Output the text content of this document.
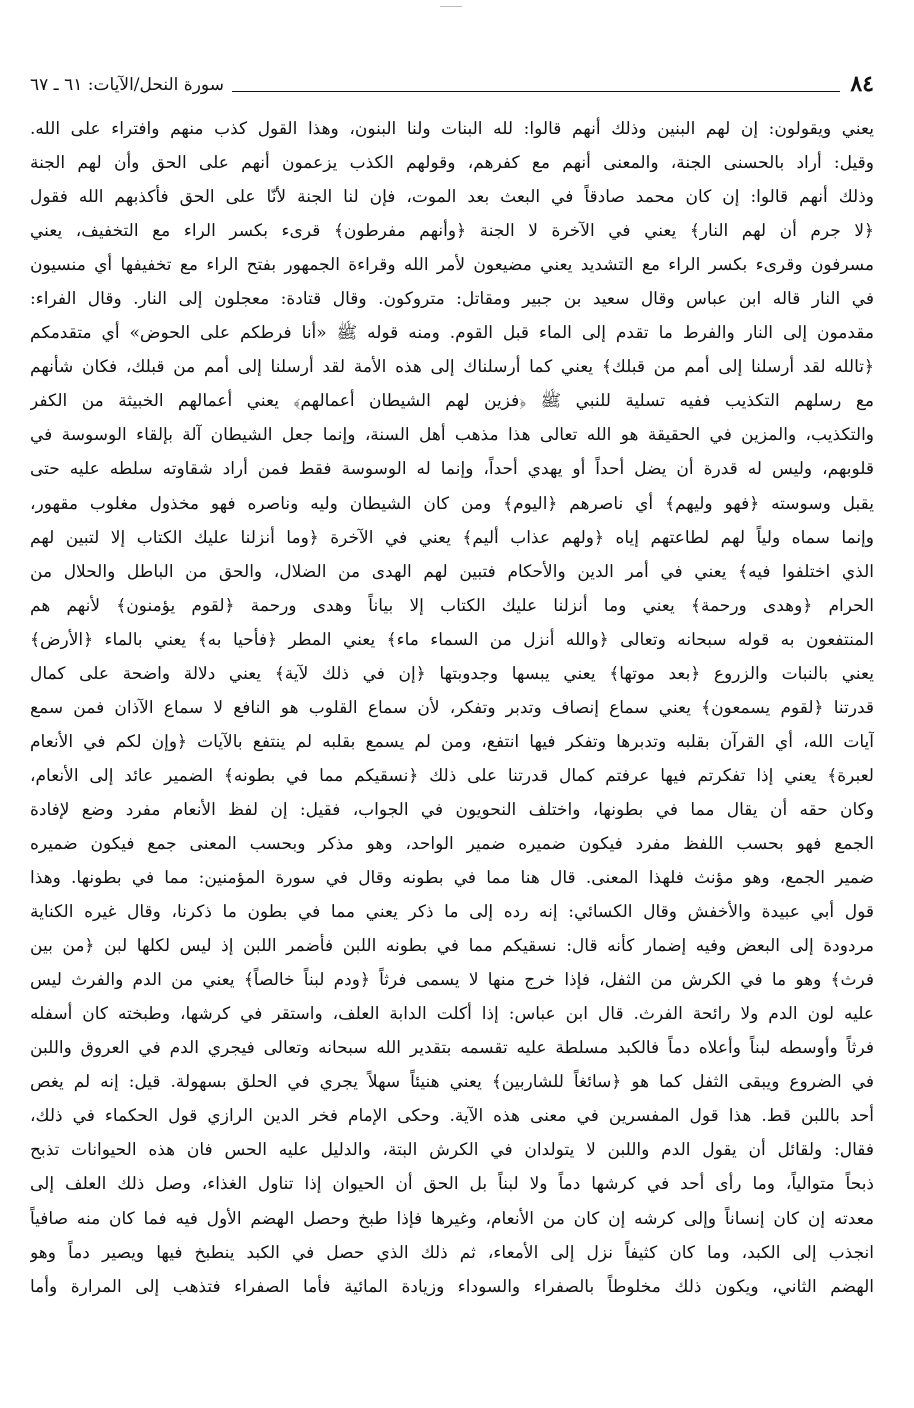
٨٤
سورة النحل/الآيات: ٦١ ـ ٦٧
يعني ويقولون: إن لهم البنين وذلك أنهم قالوا: لله البنات ولنا البنون، وهذا القول كذب منهم وافتراء على الله.
وقيل: أراد بالحسنى الجنة، والمعنى أنهم مع كفرهم، وقولهم الكذب يزعمون أنهم على الحق وأن لهم الجنة
وذلك أنهم قالوا: إن كان محمد صادقاً في البعث بعد الموت، فإن لنا الجنة لأنّا على الحق فأكذبهم الله فقول
﴿لا جرم أن لهم النار﴾ يعني في الآخرة لا الجنة ﴿وأنهم مفرطون﴾ قرىء بكسر الراء مع التخفيف، يعني
مسرفون وقرىء بكسر الراء مع التشديد يعني مضيعون لأمر الله وقراءة الجمهور بفتح الراء مع تخفيفها أي منسيون
في النار قاله ابن عباس وقال سعيد بن جبير ومقاتل: متروكون. وقال قتادة: معجلون إلى النار. وقال الفراء:
مقدمون إلى النار والفرط ما تقدم إلى الماء قبل القوم. ومنه قوله ﷺ «أنا فرطكم على الحوض» أي متقدمكم
﴿تالله لقد أرسلنا إلى أمم من قبلك﴾ يعني كما أرسلناك إلى هذه الأمة لقد أرسلنا إلى أمم من قبلك، فكان شأنهم
مع رسلهم التكذيب ففيه تسلية للنبي ﷺ ﴿فزين لهم الشيطان أعمالهم﴾ يعني أعمالهم الخبيثة من الكفر
والتكذيب، والمزين في الحقيقة هو الله تعالى هذا مذهب أهل السنة، وإنما جعل الشيطان آلة بإلقاء الوسوسة في
قلوبهم، وليس له قدرة أن يضل أحداً أو يهدي أحداً، وإنما له الوسوسة فقط فمن أراد شقاوته سلطه عليه حتى
يقبل وسوسته ﴿فهو وليهم﴾ أي ناصرهم ﴿اليوم﴾ ومن كان الشيطان وليه وناصره فهو مخذول مغلوب مقهور،
وإنما سماه ولياً لهم لطاعتهم إياه ﴿ولهم عذاب أليم﴾ يعني في الآخرة ﴿وما أنزلنا عليك الكتاب إلا لتبين لهم
الذي اختلفوا فيه﴾ يعني في أمر الدين والأحكام فتبين لهم الهدى من الضلال، والحق من الباطل والحلال من
الحرام ﴿وهدى ورحمة﴾ يعني وما أنزلنا عليك الكتاب إلا بياناً وهدى ورحمة ﴿لقوم يؤمنون﴾ لأنهم هم
المنتفعون به قوله سبحانه وتعالى ﴿والله أنزل من السماء ماء﴾ يعني المطر ﴿فأحيا به﴾ يعني بالماء ﴿الأرض﴾
يعني بالنبات والزروع ﴿بعد موتها﴾ يعني يبسها وجدوبتها ﴿إن في ذلك لآية﴾ يعني دلالة واضحة على كمال
قدرتنا ﴿لقوم يسمعون﴾ يعني سماع إنصاف وتدبر وتفكر، لأن سماع القلوب هو النافع لا سماع الآذان فمن سمع
آيات الله، أي القرآن بقلبه وتدبرها وتفكر فيها انتفع، ومن لم يسمع بقلبه لم ينتفع بالآيات ﴿وإن لكم في الأنعام
لعبرة﴾ يعني إذا تفكرتم فيها عرفتم كمال قدرتنا على ذلك ﴿نسقيكم مما في بطونه﴾ الضمير عائد إلى الأنعام،
وكان حقه أن يقال مما في بطونها، واختلف النحويون في الجواب، فقيل: إن لفظ الأنعام مفرد وضع لإفادة
الجمع فهو بحسب اللفظ مفرد فيكون ضميره ضمير الواحد، وهو مذكر وبحسب المعنى جمع فيكون ضميره
ضمير الجمع، وهو مؤنث فلهذا المعنى. قال هنا مما في بطونه وقال في سورة المؤمنين: مما في بطونها. وهذا
قول أبي عبيدة والأخفش وقال الكسائي: إنه رده إلى ما ذكر يعني مما في بطون ما ذكرنا، وقال غيره الكناية
مردودة إلى البعض وفيه إضمار كأنه قال: نسقيكم مما في بطونه اللبن فأضمر اللبن إذ ليس لكلها لبن ﴿من بين
فرث﴾ وهو ما في الكرش من الثفل، فإذا خرج منها لا يسمى فرثاً ﴿ودم لبناً خالصاً﴾ يعني من الدم والفرث ليس
عليه لون الدم ولا رائحة الفرث. قال ابن عباس: إذا أكلت الدابة العلف، واستقر في كرشها، وطبخته كان أسفله
فرثاً وأوسطه لبناً وأعلاه دماً فالكبد مسلطة عليه تقسمه بتقدير الله سبحانه وتعالى فيجري الدم في العروق واللبن
في الضروع ويبقى الثفل كما هو ﴿سائغاً للشاربين﴾ يعني هنيئاً سهلاً يجري في الحلق بسهولة. قيل: إنه لم يغص
أحد باللبن قط. هذا قول المفسرين في معنى هذه الآية. وحكى الإمام فخر الدين الرازي قول الحكماء في ذلك،
فقال: ولقائل أن يقول الدم واللبن لا يتولدان في الكرش البتة، والدليل عليه الحس فان هذه الحيوانات تذبح
ذبحاً متوالياً، وما رأى أحد في كرشها دماً ولا لبناً بل الحق أن الحيوان إذا تناول الغذاء، وصل ذلك العلف إلى
معدته إن كان إنساناً وإلى كرشه إن كان من الأنعام، وغيرها فإذا طبخ وحصل الهضم الأول فيه فما كان منه صافياً
انجذب إلى الكبد، وما كان كثيفاً نزل إلى الأمعاء، ثم ذلك الذي حصل في الكبد ينطبخ فيها ويصير دماً وهو
الهضم الثاني، ويكون ذلك مخلوطاً بالصفراء والسوداء وزيادة المائية فأما الصفراء فتذهب إلى المرارة وأما
